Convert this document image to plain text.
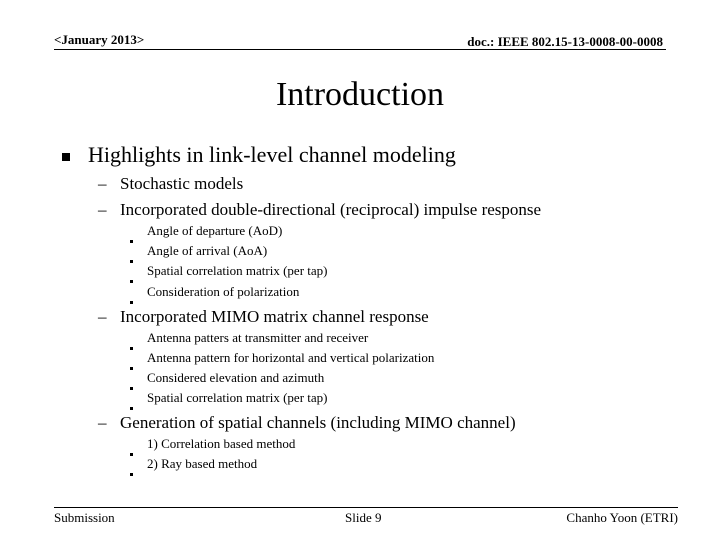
<January 2013>	doc.: IEEE 802.15-13-0008-00-0008
Introduction
Highlights in link-level channel modeling
– Stochastic models
– Incorporated double-directional (reciprocal) impulse response
Angle of departure (AoD)
Angle of arrival (AoA)
Spatial correlation matrix (per tap)
Consideration of polarization
– Incorporated MIMO matrix channel response
Antenna patters at transmitter and receiver
Antenna pattern for horizontal and vertical polarization
Considered elevation and azimuth
Spatial correlation matrix (per tap)
– Generation of spatial channels (including MIMO channel)
1) Correlation based method
2) Ray based method
Submission	Slide 9	Chanho Yoon (ETRI)
